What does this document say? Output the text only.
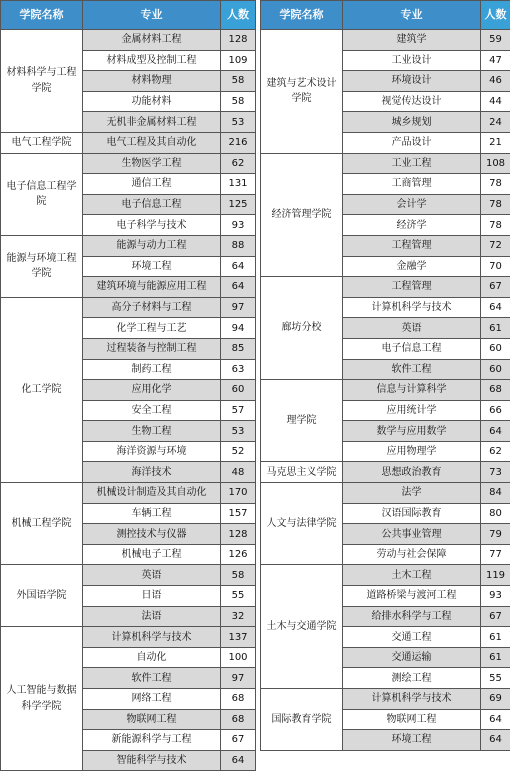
学院名称	专业	人数
材料科学与工程学院	金属材料工程	128
	材料成型及控制工程	109
	材料物理	58
	功能材料	58
	无机非金属材料工程	53
电气工程学院	电气工程及其自动化	216
电子信息工程学院	生物医学工程	62
	通信工程	131
	电子信息工程	125
	电子科学与技术	93
能源与环境工程学院	能源与动力工程	88
	环境工程	64
	建筑环境与能源应用工程	64
化工学院	高分子材料与工程	97
	化学工程与工艺	94
	过程装备与控制工程	85
	制药工程	63
	应用化学	60
	安全工程	57
	生物工程	53
	海洋资源与环境	52
	海洋技术	48
机械工程学院	机械设计制造及其自动化	170
	车辆工程	157
	测控技术与仪器	128
	机械电子工程	126
外国语学院	英语	58
	日语	55
	法语	32
人工智能与数据科学学院	计算机科学与技术	137
	自动化	100
	软件工程	97
	网络工程	68
	物联网工程	68
	新能源科学与工程	67
	智能科学与技术	64
学院名称	专业	人数
建筑与艺术设计学院	建筑学	59
	工业设计	47
	环境设计	46
	视觉传达设计	44
	城乡规划	24
	产品设计	21
经济管理学院	工业工程	108
	工商管理	78
	会计学	78
	经济学	78
	工程管理	72
	金融学	70
廊坊分校	工程管理	67
	计算机科学与技术	64
	英语	61
	电子信息工程	60
	软件工程	60
理学院	信息与计算科学	68
	应用统计学	66
	数学与应用数学	64
	应用物理学	62
马克思主义学院	思想政治教育	73
人文与法律学院	法学	84
	汉语国际教育	80
	公共事业管理	79
	劳动与社会保障	77
土木与交通学院	土木工程	119
	道路桥梁与渡河工程	93
	给排水科学与工程	67
	交通工程	61
	交通运输	61
	测绘工程	55
国际教育学院	计算机科学与技术	69

	物联网工程	64
	环境工程	64
